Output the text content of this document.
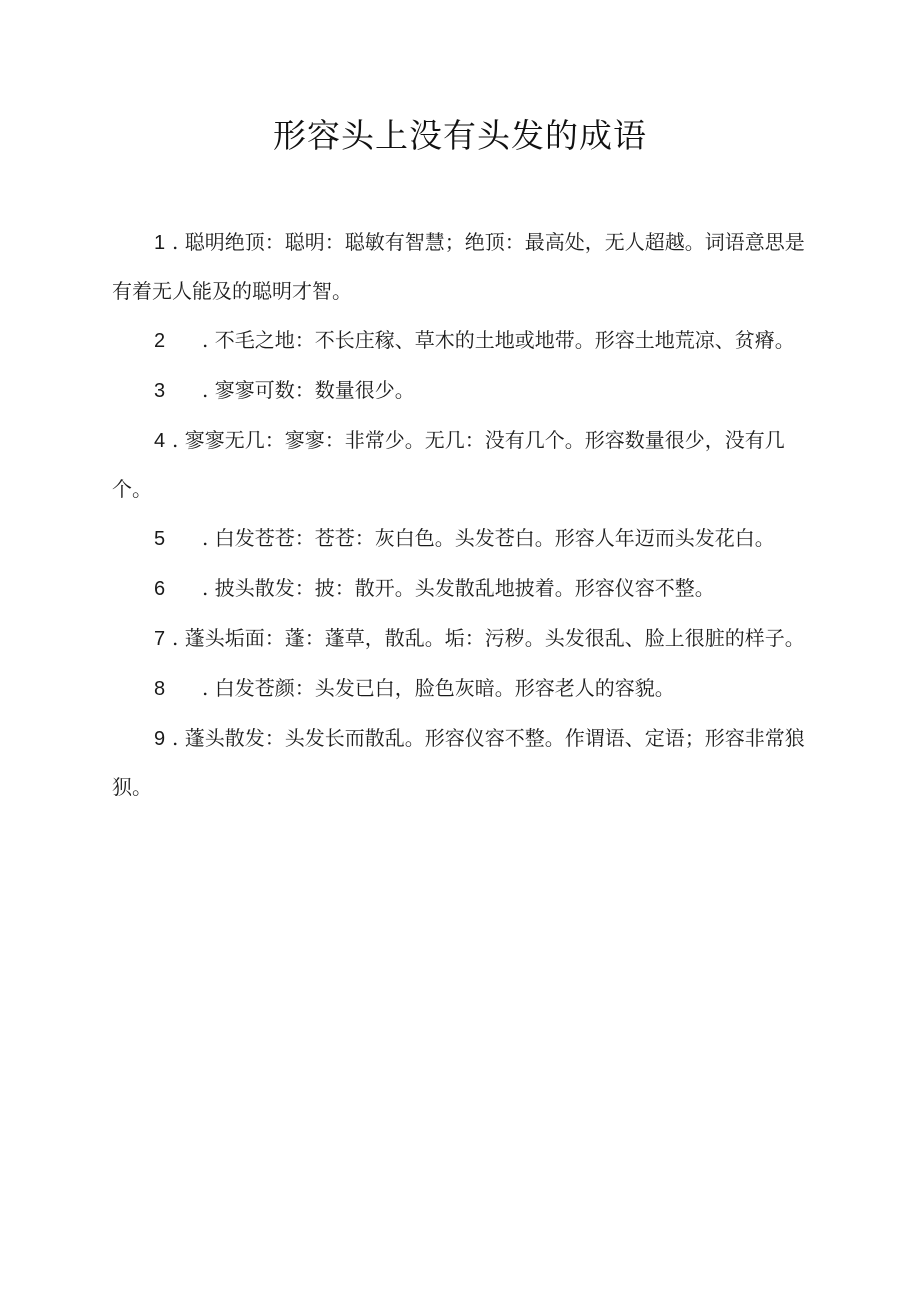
形容头上没有头发的成语

1 . 聪明绝顶：聪明：聪敏有智慧；绝顶：最高处，无人超越。词语意思是有着无人能及的聪明才智。

2 . 不毛之地：不长庄稼、草木的土地或地带。形容土地荒凉、贫瘠。

3 . 寥寥可数：数量很少。

4 . 寥寥无几：寥寥：非常少。无几：没有几个。形容数量很少，没有几个。

5 . 白发苍苍：苍苍：灰白色。头发苍白。形容人年迈而头发花白。

6 . 披头散发：披：散开。头发散乱地披着。形容仪容不整。

7 . 蓬头垢面：蓬：蓬草，散乱。垢：污秽。头发很乱、脸上很脏的样子。

8 . 白发苍颜：头发已白，脸色灰暗。形容老人的容貌。

9 . 蓬头散发：头发长而散乱。形容仪容不整。作谓语、定语；形容非常狼狈。
